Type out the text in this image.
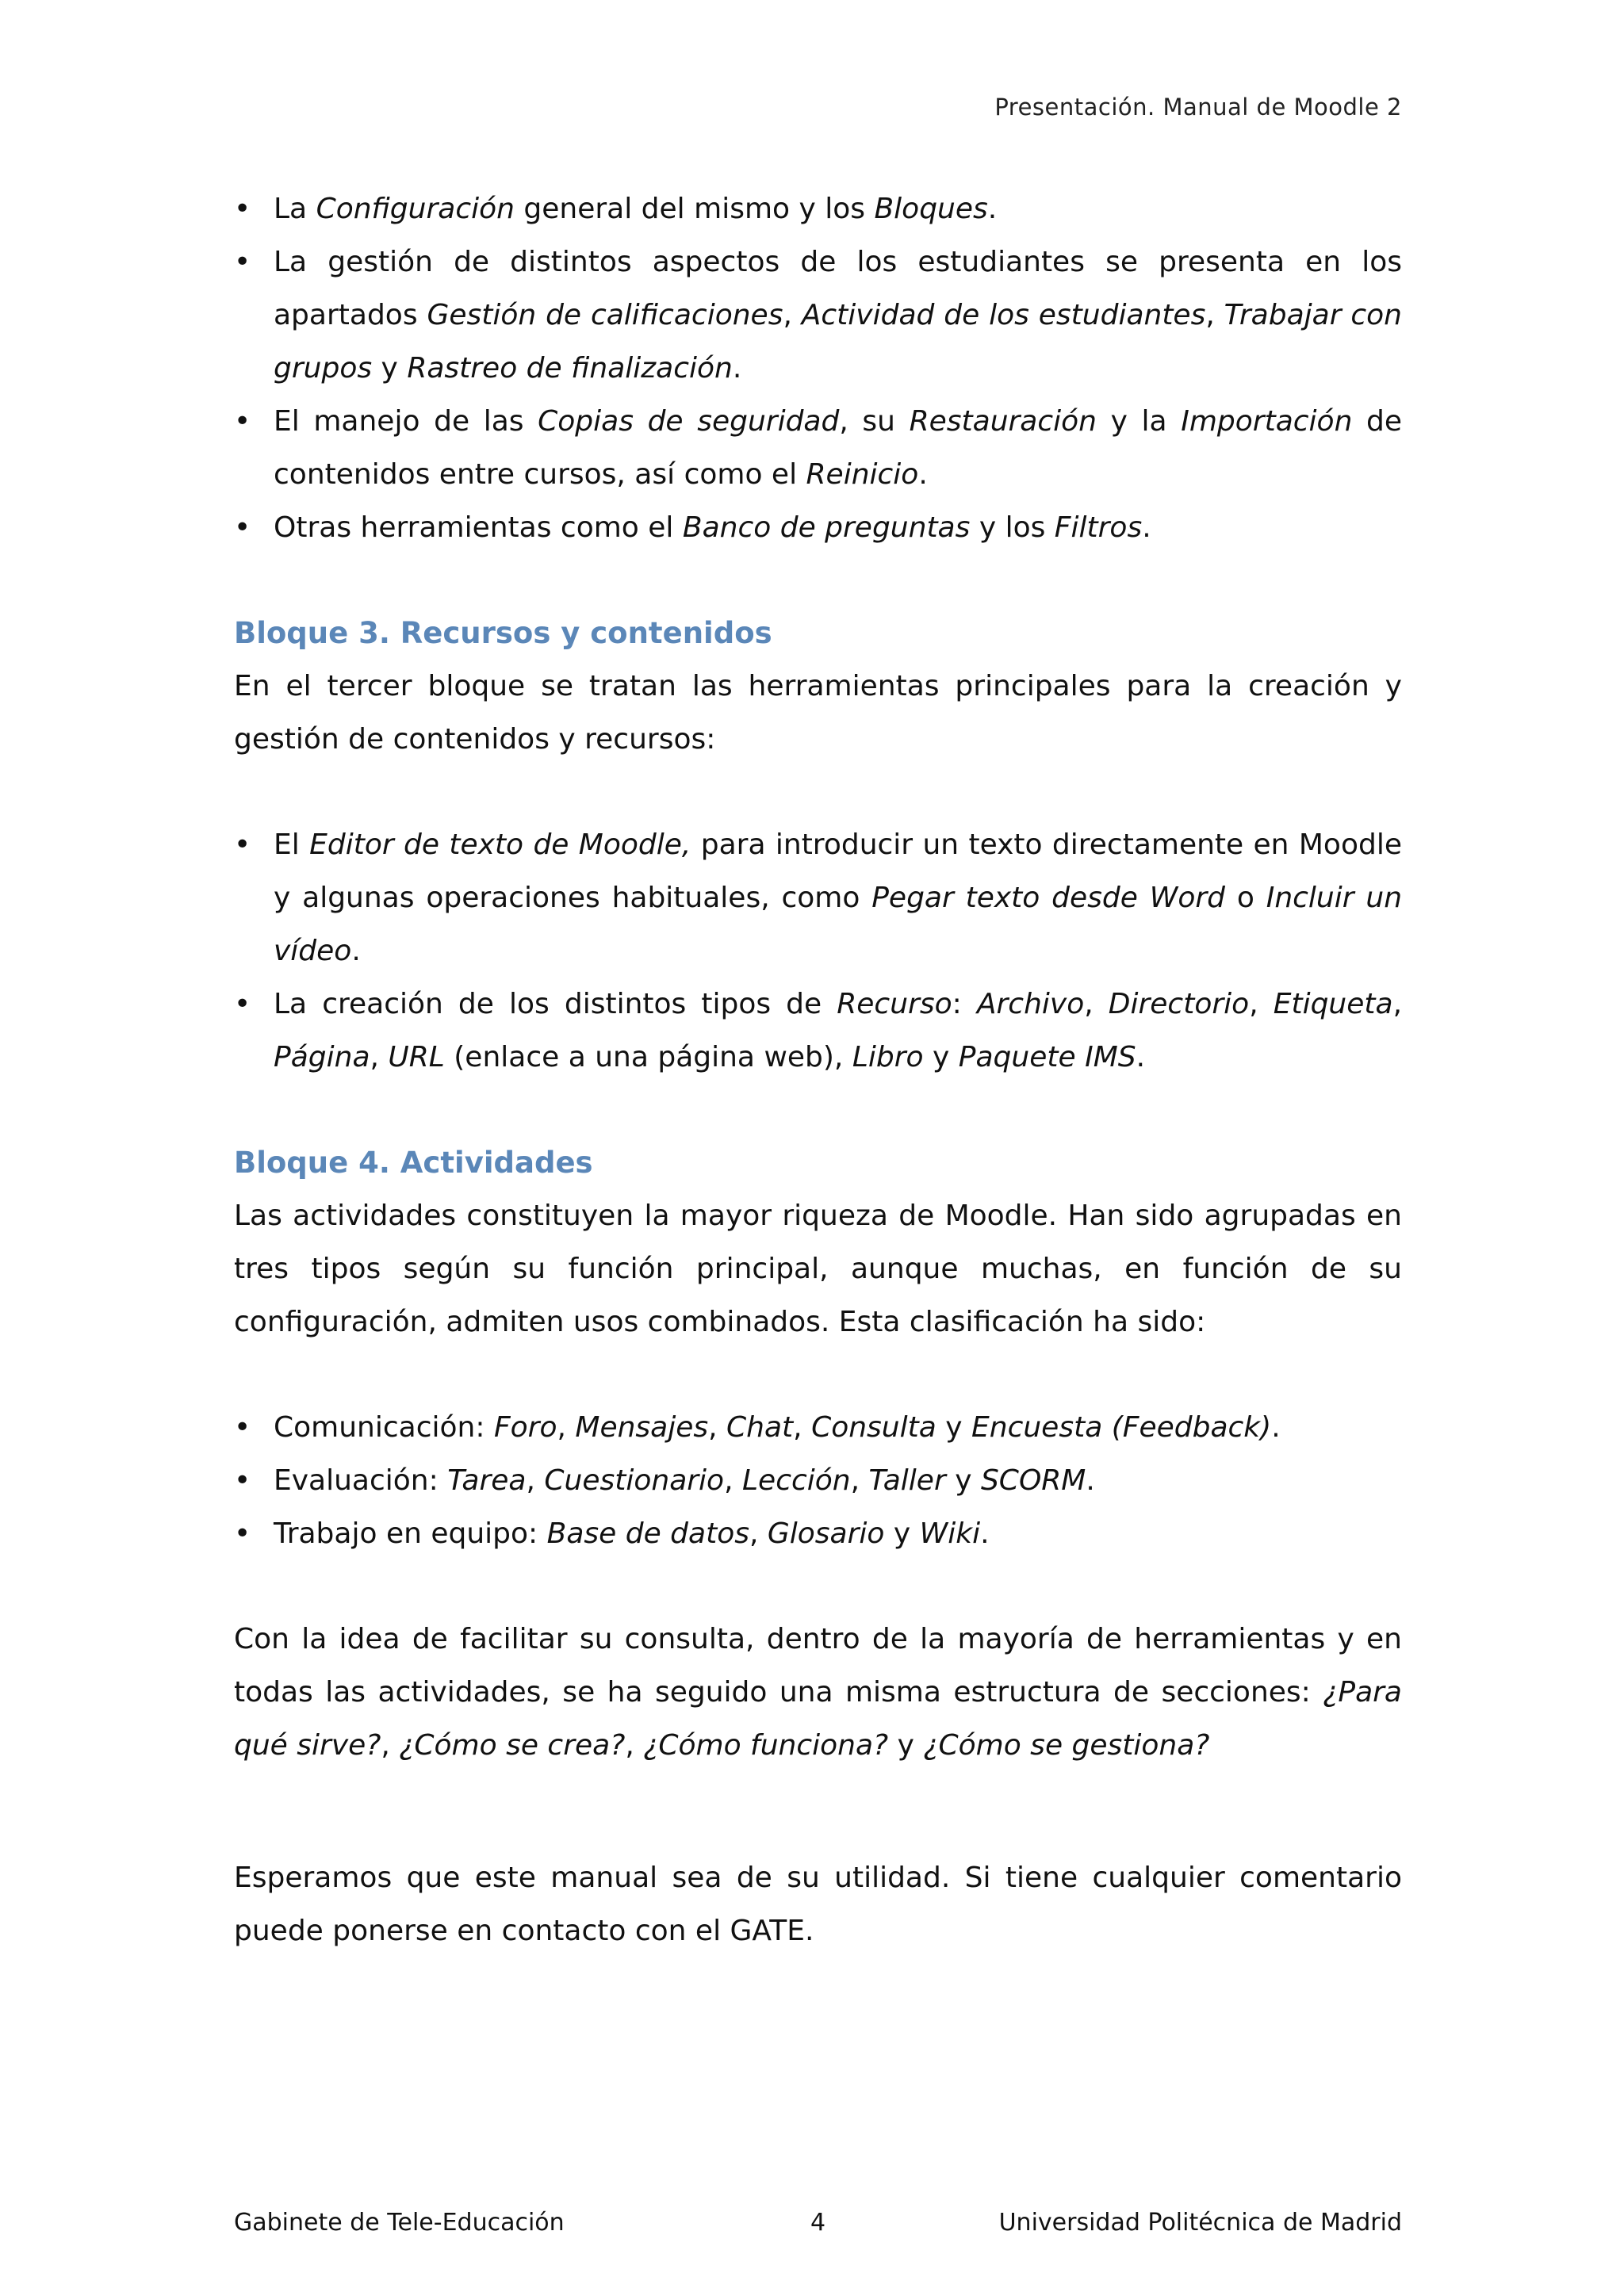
Presentación. Manual de Moodle 2
• La Configuración general del mismo y los Bloques.
• La gestión de distintos aspectos de los estudiantes se presenta en los apartados Gestión de calificaciones, Actividad de los estudiantes, Trabajar con grupos y Rastreo de finalización.
• El manejo de las Copias de seguridad, su Restauración y la Importación de contenidos entre cursos, así como el Reinicio.
• Otras herramientas como el Banco de preguntas y los Filtros.
Bloque 3. Recursos y contenidos

En el tercer bloque se tratan las herramientas principales para la creación y gestión de contenidos y recursos:

• El Editor de texto de Moodle, para introducir un texto directamente en Moodle y algunas operaciones habituales, como Pegar texto desde Word o Incluir un vídeo.
• La creación de los distintos tipos de Recurso: Archivo, Directorio, Etiqueta, Página, URL (enlace a una página web), Libro y Paquete IMS.
Bloque 4. Actividades

Las actividades constituyen la mayor riqueza de Moodle. Han sido agrupadas en tres tipos según su función principal, aunque muchas, en función de su configuración, admiten usos combinados. Esta clasificación ha sido:

• Comunicación: Foro, Mensajes, Chat, Consulta y Encuesta (Feedback).
• Evaluación: Tarea, Cuestionario, Lección, Taller y SCORM.
• Trabajo en equipo: Base de datos, Glosario y Wiki.

Con la idea de facilitar su consulta, dentro de la mayoría de herramientas y en todas las actividades, se ha seguido una misma estructura de secciones: ¿Para qué sirve?, ¿Cómo se crea?, ¿Cómo funciona? y ¿Cómo se gestiona?

Esperamos que este manual sea de su utilidad. Si tiene cualquier comentario puede ponerse en contacto con el GATE.

Gabinete de Tele-Educación	4	Universidad Politécnica de Madrid
